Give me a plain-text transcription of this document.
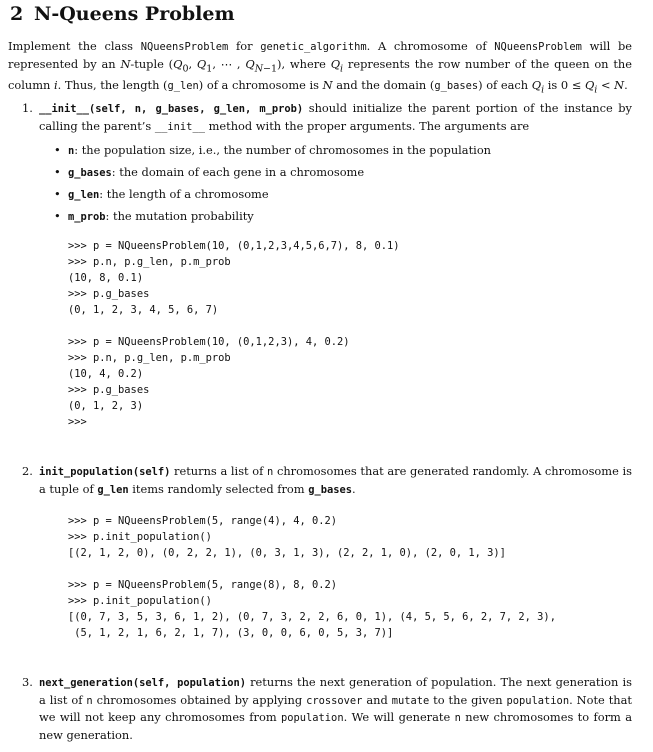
2 N-Queens Problem
Implement the class NQueensProblem for genetic_algorithm. A chromosome of NQueensProblem will be represented by an N-tuple ($Q_0$, $Q_1$, ⋯ , $Q_{N-1}$), where $Q_i$ represents the row number of the queen on the column i. Thus, the length (g_len) of a chromosome is N and the domain (g_bases) of each $Q_i$ is $0 \le Q_i < N$.
1. __init__(self, n, g_bases, g_len, m_prob) should initialize the parent portion of the instance by calling the parent’s __init__ method with the proper arguments. The arguments are

• n: the population size, i.e., the number of chromosomes in the population
• g_bases: the domain of each gene in a chromosome
• g_len: the length of a chromosome
• m_prob: the mutation probability
>>> p = NQueensProblem(10, (0,1,2,3,4,5,6,7), 8, 0.1)
>>> p.n, p.g_len, p.m_prob
(10, 8, 0.1)
>>> p.g_bases
(0, 1, 2, 3, 4, 5, 6, 7)
>>> p = NQueensProblem(10, (0,1,2,3), 4, 0.2)
>>> p.n, p.g_len, p.m_prob
(10, 4, 0.2)
>>> p.g_bases
(0, 1, 2, 3)
>>>
2. init_population(self) returns a list of n chromosomes that are generated randomly. A chromosome is a tuple of g_len items randomly selected from g_bases.

>>> p = NQueensProblem(5, range(4), 4, 0.2)
>>> p.init_population()
[(2, 1, 2, 0), (0, 2, 2, 1), (0, 3, 1, 3), (2, 2, 1, 0), (2, 0, 1, 3)]
>>> p = NQueensProblem(5, range(8), 8, 0.2)
>>> p.init_population()
[(0, 7, 3, 5, 3, 6, 1, 2), (0, 7, 3, 2, 2, 6, 0, 1), (4, 5, 5, 6, 2, 7, 2, 3),
(5, 1, 2, 1, 6, 2, 1, 7), (3, 0, 0, 6, 0, 5, 3, 7)]
3. next_generation(self, population) returns the next generation of population. The next generation is a list of n chromosomes obtained by applying crossover and mutate to the given population. Note that we will not keep any chromosomes from population. We will generate n new chromosomes to form a new generation.
